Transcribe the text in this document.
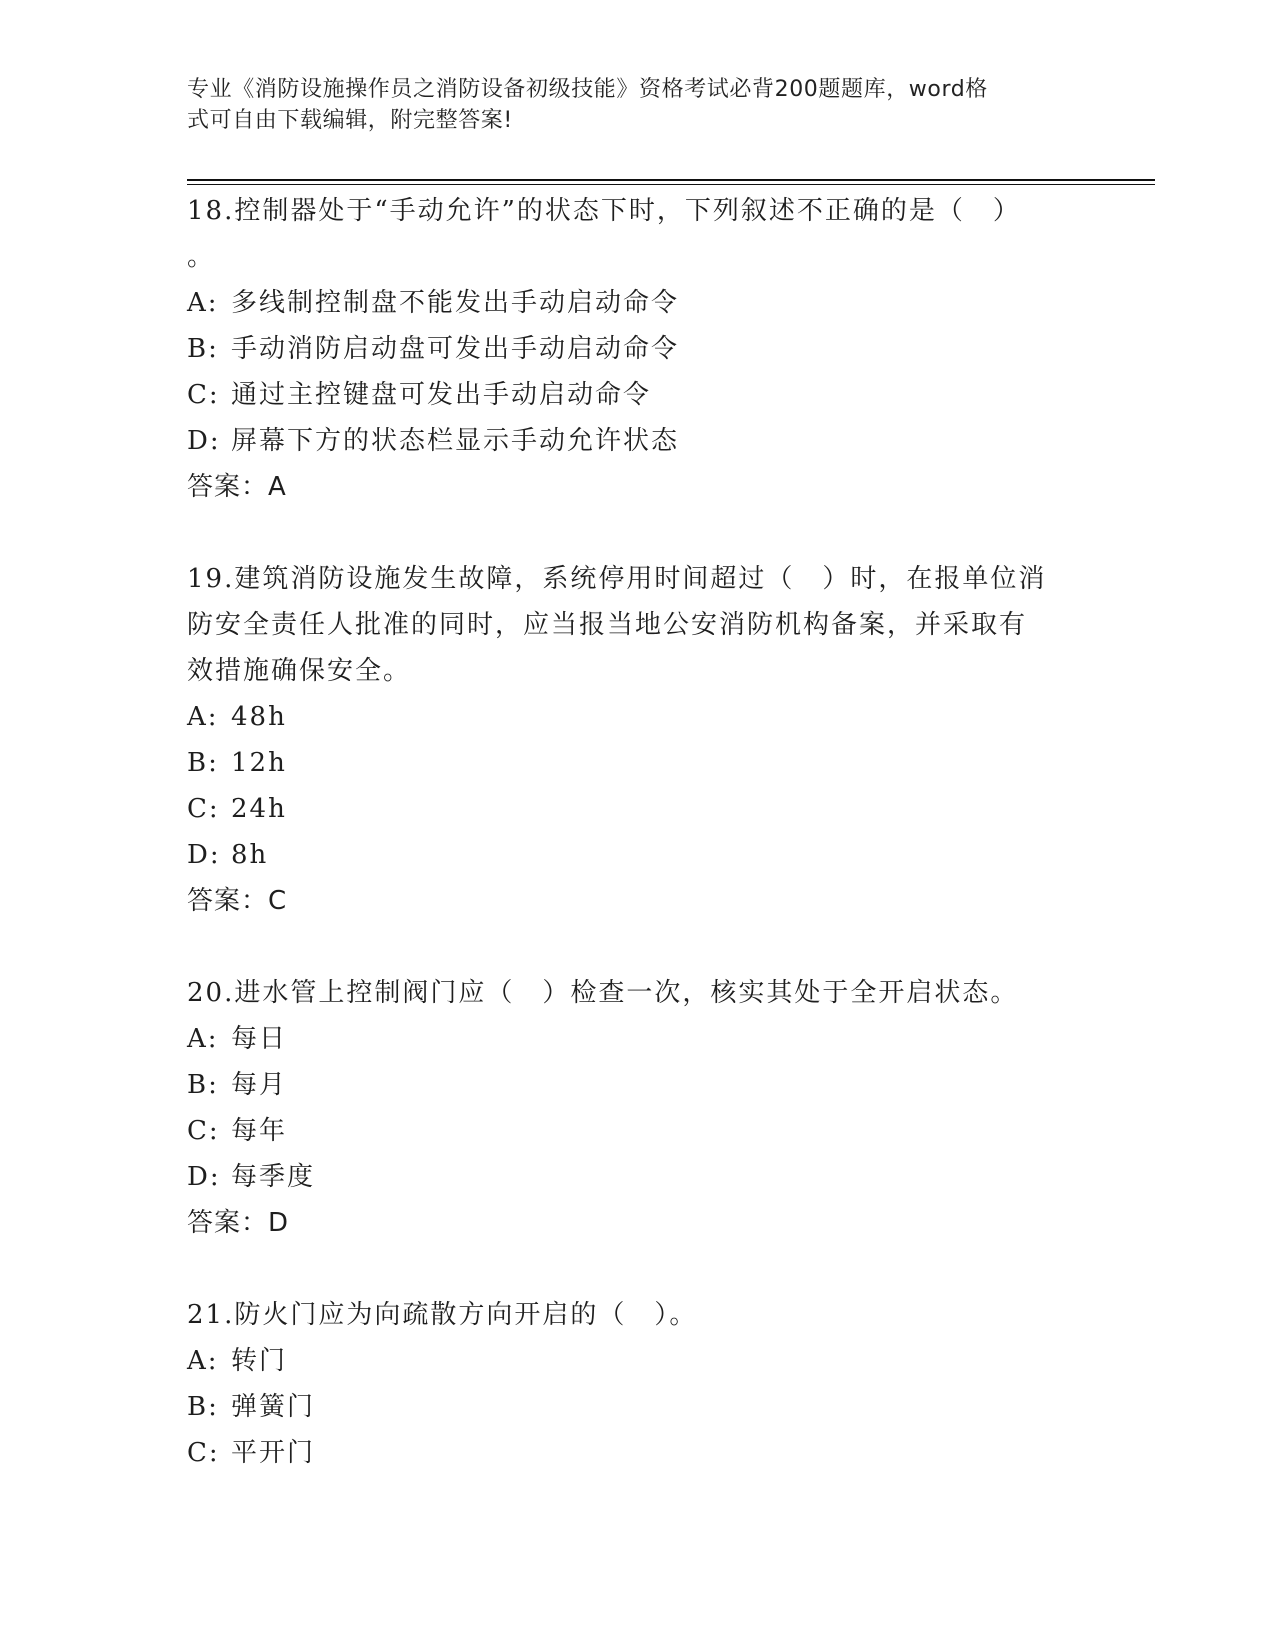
专业《消防设施操作员之消防设备初级技能》资格考试必背200题题库，word格
式可自由下载编辑，附完整答案!
18.控制器处于“手动允许”的状态下时，下列叙述不正确的是（　）
。
A: 多线制控制盘不能发出手动启动命令
B: 手动消防启动盘可发出手动启动命令
C: 通过主控键盘可发出手动启动命令
D: 屏幕下方的状态栏显示手动允许状态
答案：A
19.建筑消防设施发生故障，系统停用时间超过（　）时，在报单位消
防安全责任人批准的同时，应当报当地公安消防机构备案，并采取有
效措施确保安全。
A: 48h
B: 12h
C: 24h
D: 8h
答案：C
20.进水管上控制阀门应（　）检查一次，核实其处于全开启状态。
A: 每日
B: 每月
C: 每年
D: 每季度
答案：D
21.防火门应为向疏散方向开启的（　）。
A: 转门
B: 弹簧门
C: 平开门
